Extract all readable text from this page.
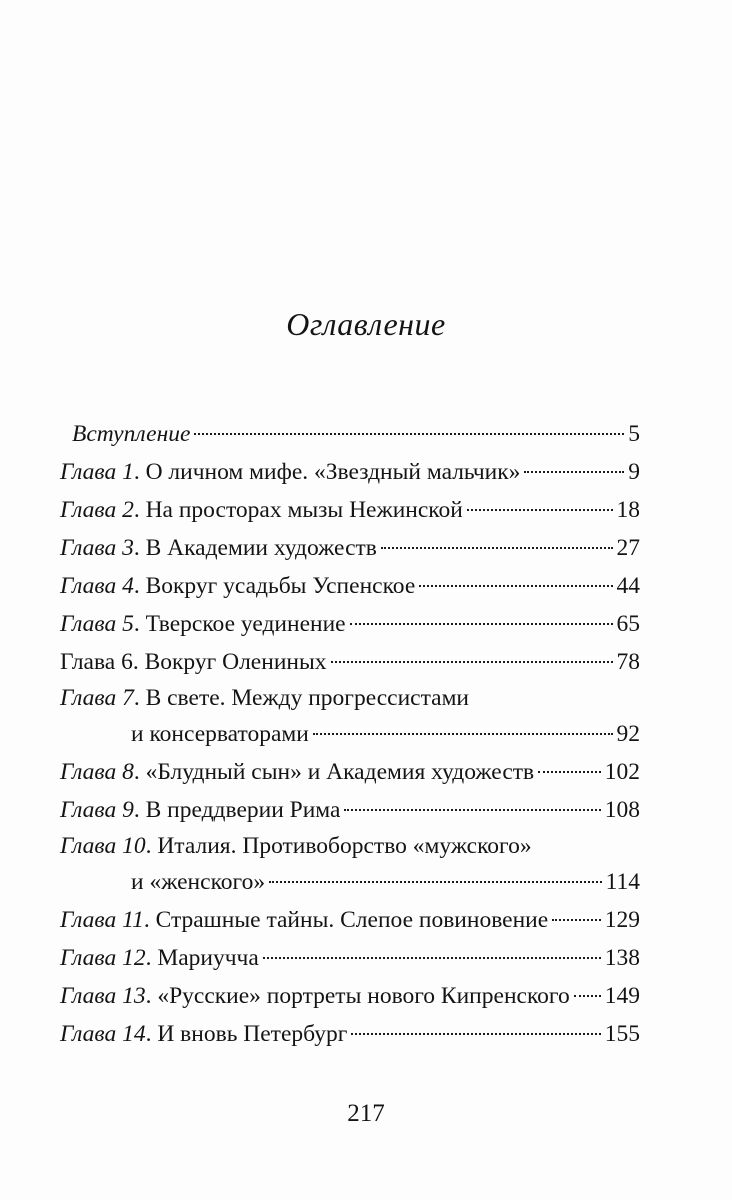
Оглавление
Вступление	5
Глава 1 . О личном мифе. «Звездный мальчик»	9
Глава 2 . На просторах мызы Нежинской	18
Глава 3 . В Академии художеств	27
Глава 4 . Вокруг усадьбы Успенское	44
Глава 5 . Тверское уединение	65
Глава 6. Вокруг Олениных	78
Глава 7 . В свете. Между прогрессистами
и консерваторами	92
Глава 8 . «Блудный сын» и Академия художеств	102
Глава 9 . В преддверии Рима	108
Глава 10 . Италия. Противоборство «мужского»
и «женского»	114
Глава 11 . Страшные тайны. Слепое повиновение 129
Глава 12 . Мариучча	138
Глава 13 . «Русские» портреты нового Кипренского 149
Глава 14 . И вновь Петербург	155
217
